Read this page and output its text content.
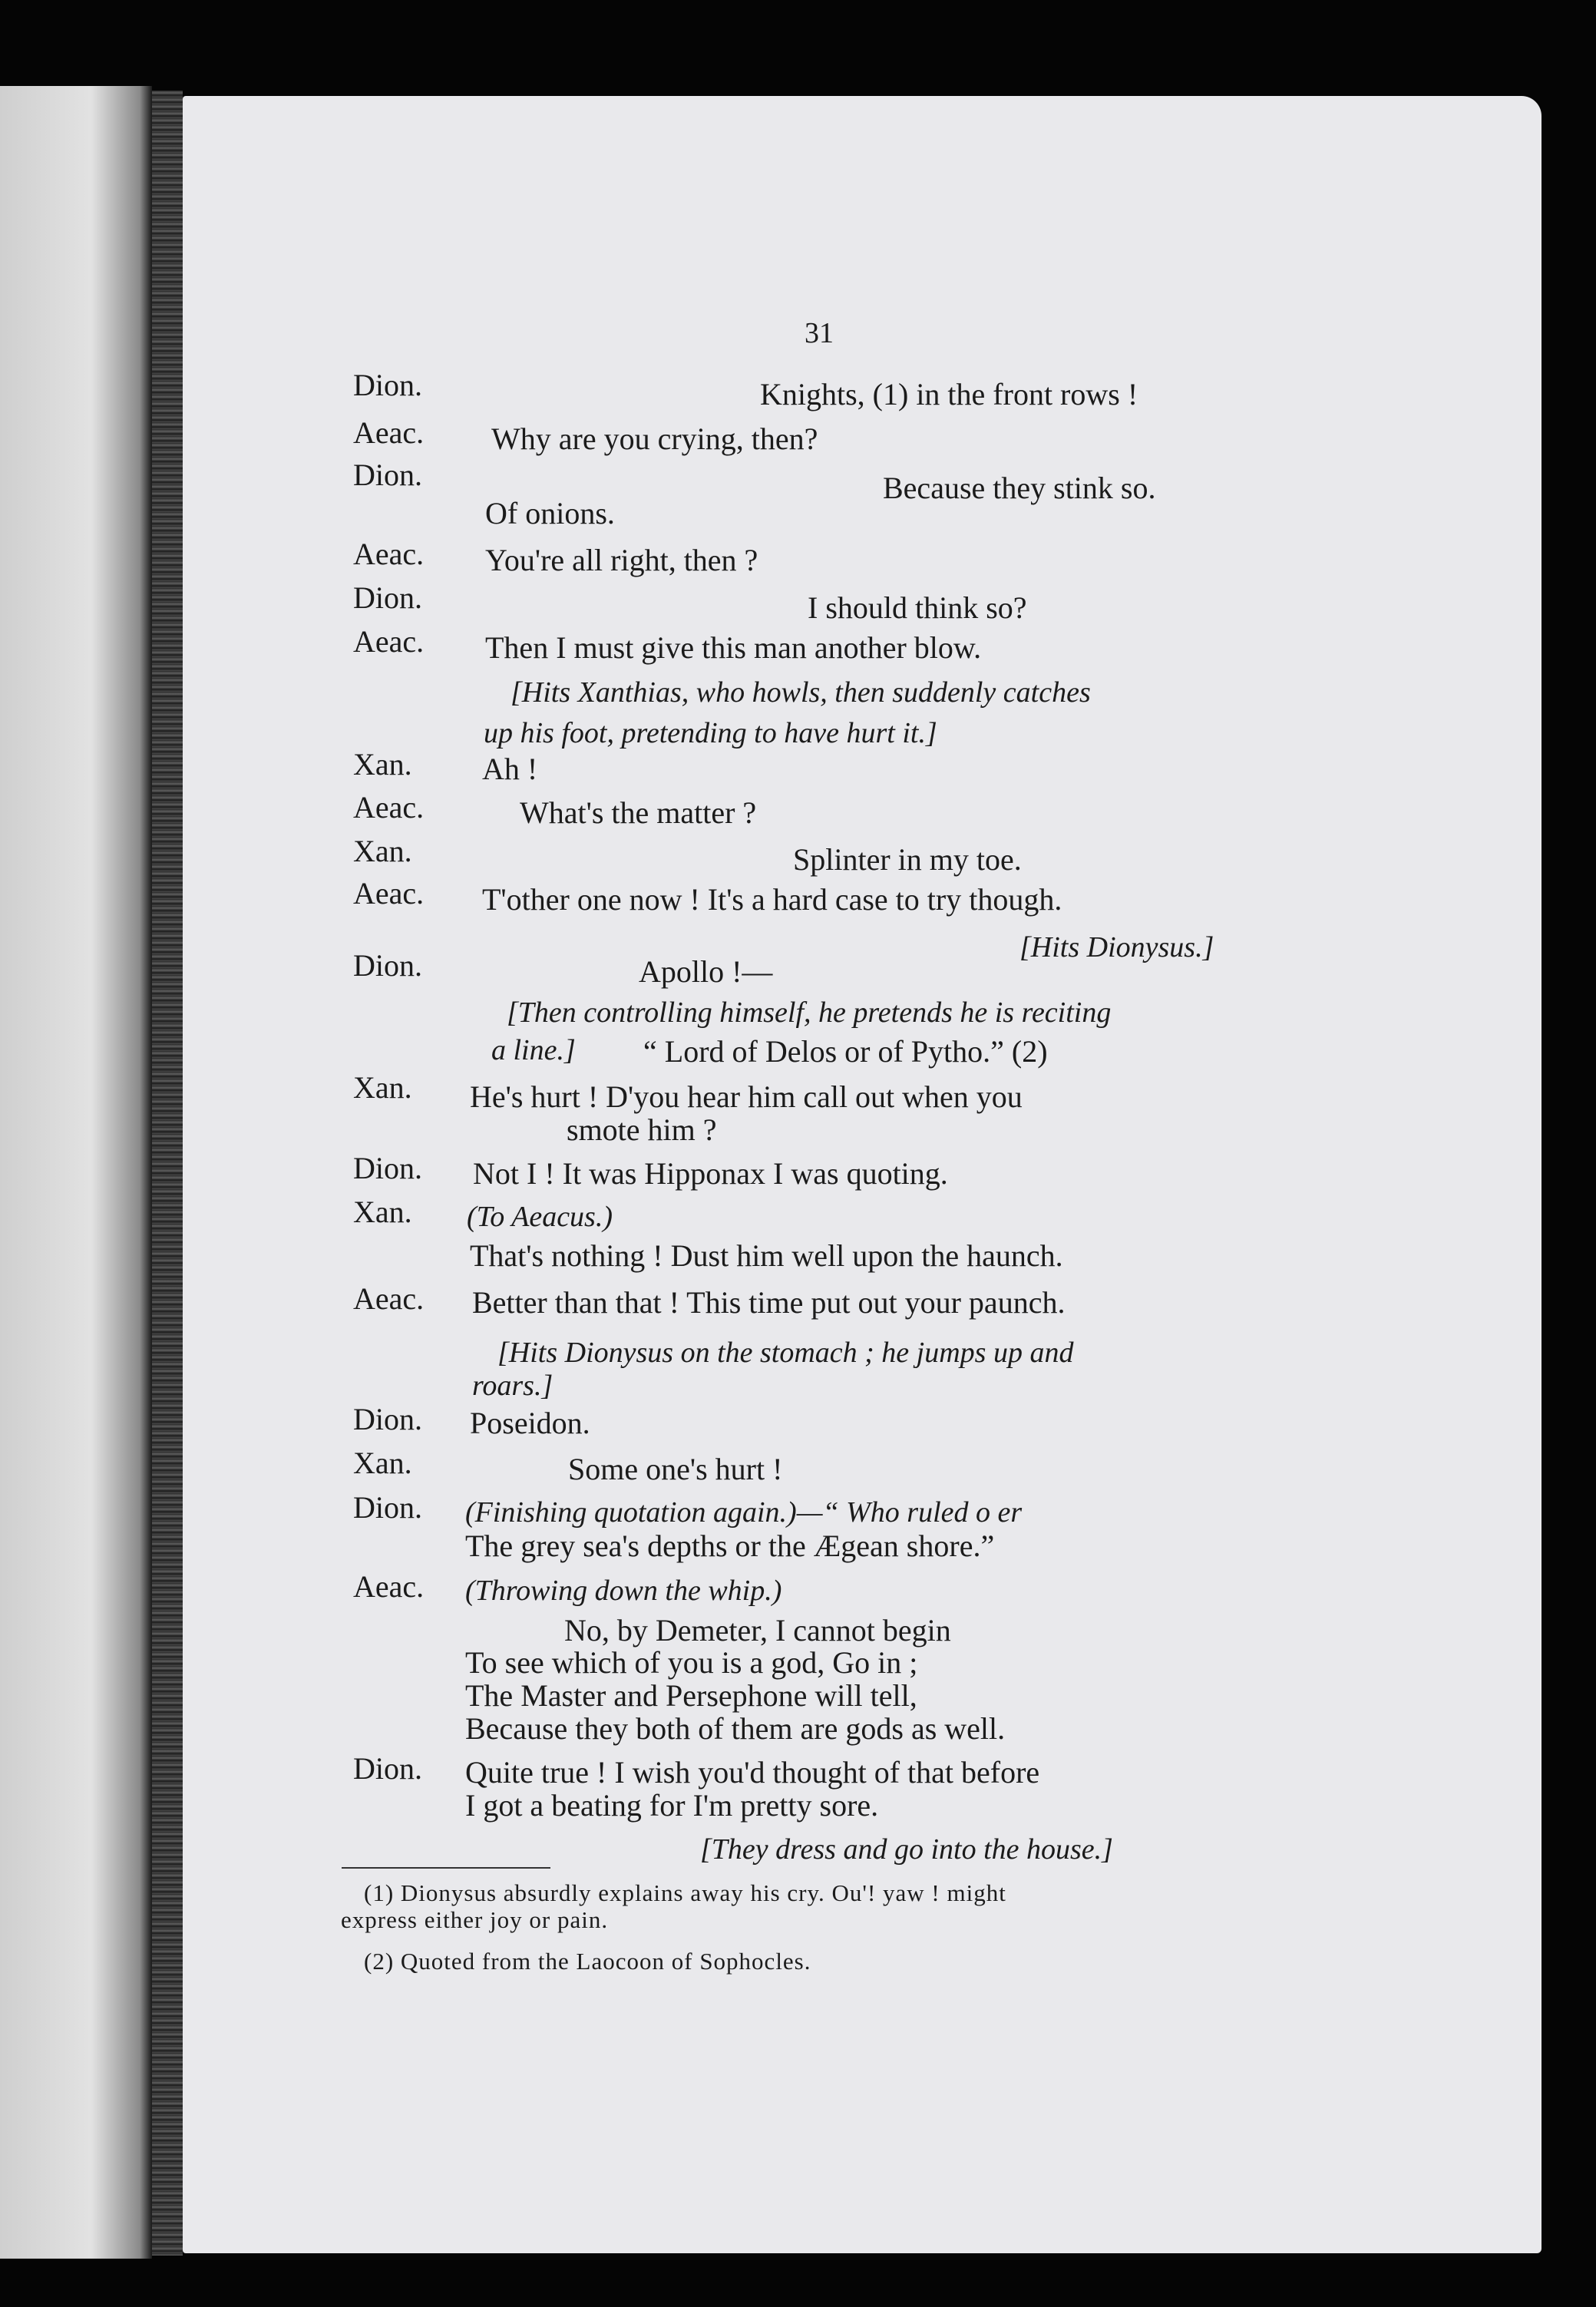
31
Dion.	Knights, (1) in the front rows !
Aeac. Why are you crying, then?
Dion.	Because they stink so.
Of onions.
Aeac. You're all right, then ?
Dion.	I should think so?
Aeac. Then I must give this man another blow.
[Hits Xanthias, who howls, then suddenly catches
up his foot, pretending to have hurt it.]
Xan. Ah !
Aeac.	What's the matter ?
Xan.	Splinter in my toe.
Aeac. T'other one now ! It's a hard case to try though.
[Hits Dionysus.]
Dion.	Apollo !—
[Then controlling himself, he pretends he is reciting
a line.] “ Lord of Delos or of Pytho.” (2)
Xan. He's hurt ! D'you hear him call out when you
smote him ?
Dion. Not I ! It was Hipponax I was quoting.
Xan. (To Aeacus.)
That's nothing ! Dust him well upon the haunch.
Aeac. Better than that ! This time put out your paunch.
[Hits Dionysus on the stomach ; he jumps up and
roars.]
Dion. Poseidon.
Xan.	Some one's hurt !
Dion. (Finishing quotation again.)—“ Who ruled o er
The grey sea's depths or the Ægean shore.”
Aeac. (Throwing down the whip.)
No, by Demeter, I cannot begin
To see which of you is a god, Go in ;
The Master and Persephone will tell,
Because they both of them are gods as well.
Dion. Quite true ! I wish you'd thought of that before
I got a beating for I'm pretty sore.
[They dress and go into the house.]
(1) Dionysus absurdly explains away his cry. Ou'! yaw ! might
express either joy or pain.
(2) Quoted from the Laocoon of Sophocles.
